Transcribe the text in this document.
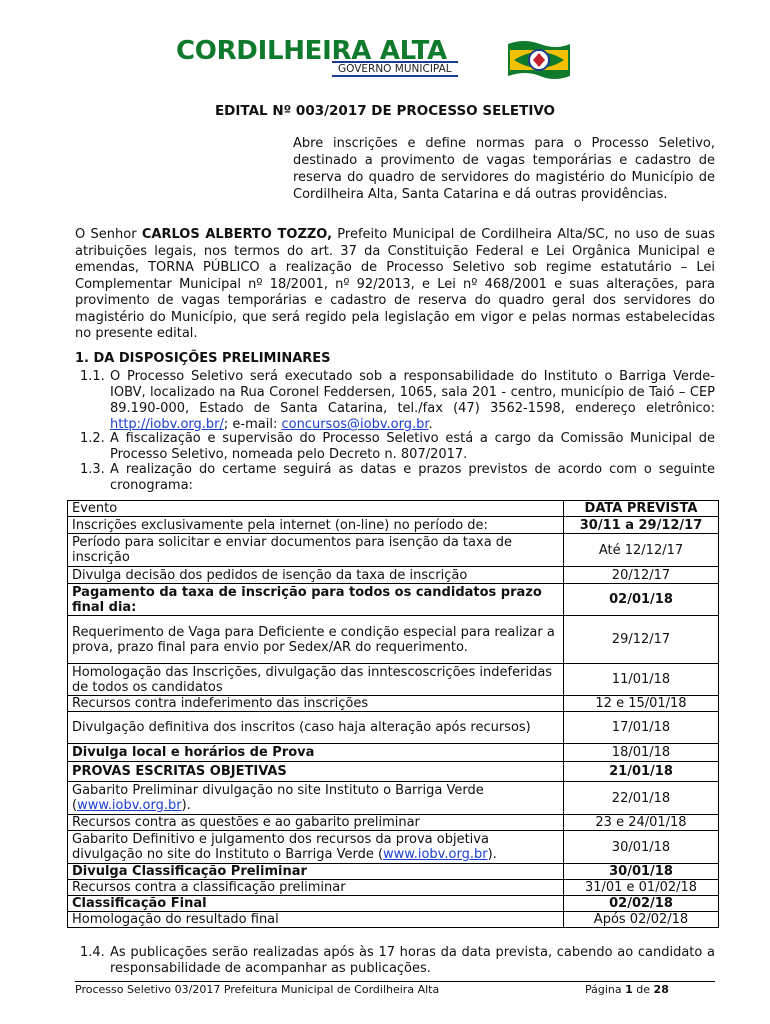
CORDILHEIRA ALTA
GOVERNO MUNICIPAL
EDITAL Nº 003/2017 DE PROCESSO SELETIVO
Abre inscrições e define normas para o Processo Seletivo, destinado a provimento de vagas temporárias e cadastro de reserva do quadro de servidores do magistério do Município de Cordilheira Alta, Santa Catarina e dá outras providências.
O Senhor CARLOS ALBERTO TOZZO, Prefeito Municipal de Cordilheira Alta/SC, no uso de suas atribuições legais, nos termos do art. 37 da Constituição Federal e Lei Orgânica Municipal e emendas, TORNA PÚBLICO a realização de Processo Seletivo sob regime estatutário – Lei Complementar Municipal nº 18/2001, nº 92/2013, e Lei nº 468/2001 e suas alterações, para provimento de vagas temporárias e cadastro de reserva do quadro geral dos servidores do magistério do Município, que será regido pela legislação em vigor e pelas normas estabelecidas no presente edital.
1. DA DISPOSIÇÕES PRELIMINARES
1.1. O Processo Seletivo será executado sob a responsabilidade do Instituto o Barriga Verde-IOBV, localizado na Rua Coronel Feddersen, 1065, sala 201 - centro, município de Taió – CEP 89.190-000, Estado de Santa Catarina, tel./fax (47) 3562-1598, endereço eletrônico: http://iobv.org.br/; e-mail: concursos@iobv.org.br.
1.2. A fiscalização e supervisão do Processo Seletivo está a cargo da Comissão Municipal de Processo Seletivo, nomeada pelo Decreto n. 807/2017.
1.3. A realização do certame seguirá as datas e prazos previstos de acordo com o seguinte cronograma:
Evento	DATA PREVISTA
Inscrições exclusivamente pela internet (on-line) no período de:	30/11 a 29/12/17
Período para solicitar e enviar documentos para isenção da taxa de inscrição	Até 12/12/17
Divulga decisão dos pedidos de isenção da taxa de inscrição	20/12/17
Pagamento da taxa de inscrição para todos os candidatos prazo final dia:	02/01/18
Requerimento de Vaga para Deficiente e condição especial para realizar a prova, prazo final para envio por Sedex/AR do requerimento.	29/12/17
Homologação das Inscrições, divulgação das inntescoscrições indeferidas de todos os candidatos	11/01/18
Recursos contra indeferimento das inscrições	12 e 15/01/18
Divulgação definitiva dos inscritos (caso haja alteração após recursos)	17/01/18
Divulga local e horários de Prova	18/01/18
PROVAS ESCRITAS OBJETIVAS	21/01/18
Gabarito Preliminar divulgação no site Instituto o Barriga Verde (www.iobv.org.br).	22/01/18
Recursos contra as questões e ao gabarito preliminar	23 e 24/01/18
Gabarito Definitivo e julgamento dos recursos da prova objetiva divulgação no site do Instituto o Barriga Verde (www.iobv.org.br).	30/01/18
Divulga Classificação Preliminar	30/01/18
Recursos contra a classificação preliminar	31/01 e 01/02/18
Classificação Final	02/02/18
Homologação do resultado final	Após 02/02/18
1.4. As publicações serão realizadas após às 17 horas da data prevista, cabendo ao candidato a responsabilidade de acompanhar as publicações.
Processo Seletivo 03/2017 Prefeitura Municipal de Cordilheira Alta	Página 1 de 28
